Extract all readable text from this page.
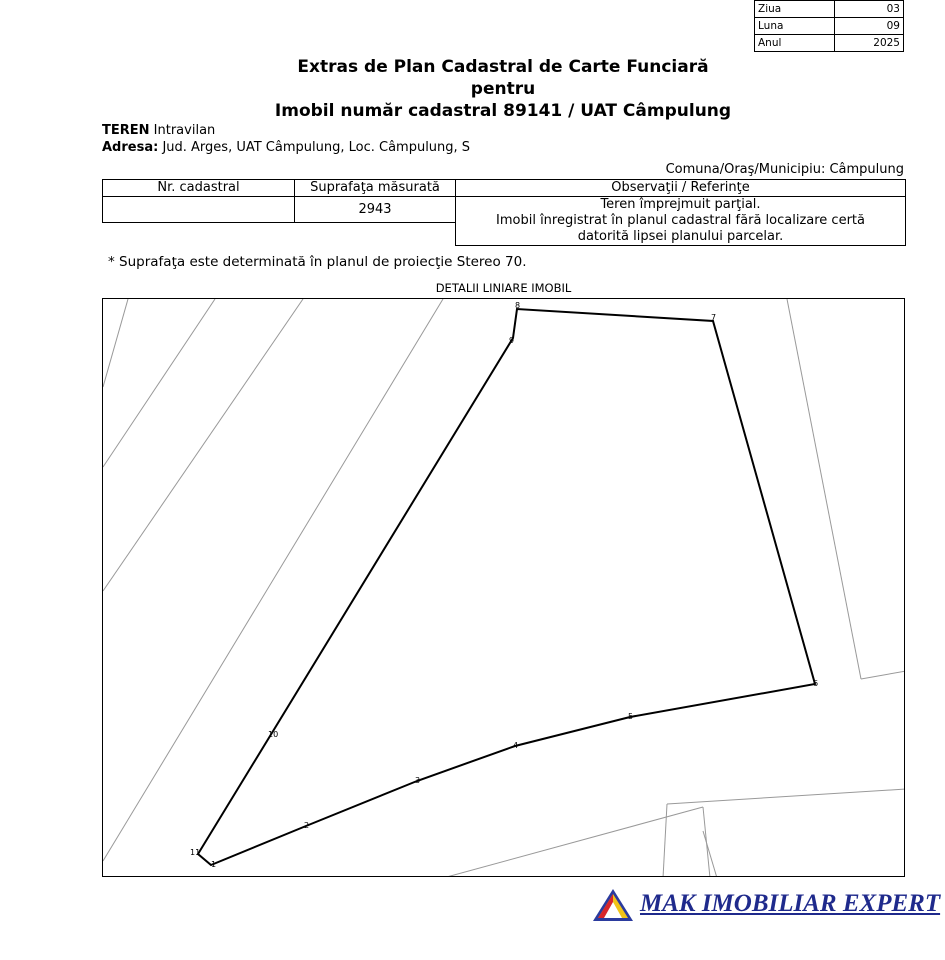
Ziua	03
Luna	09
Anul	2025
Extras de Plan Cadastral de Carte Funciară
pentru
Imobil număr cadastral 89141 / UAT Câmpulung
TEREN Intravilan
Adresa: Jud. Arges, UAT Câmpulung, Loc. Câmpulung, S
Comuna/Oraş/Municipiu: Câmpulung
Nr. cadastral	Suprafaţa măsurată	Observaţii / Referinţe
	2943	Teren împrejmuit parţial.
Imobil înregistrat în planul cadastral fără localizare certă
datorită lipsei planului parcelar.

* Suprafaţa este determinată în planul de proiecţie Stereo 70.
DETALII LINIARE IMOBIL
1
2
3
4
5
6
7
8
9
10
11
MAK IMOBILIAR EXPERT
